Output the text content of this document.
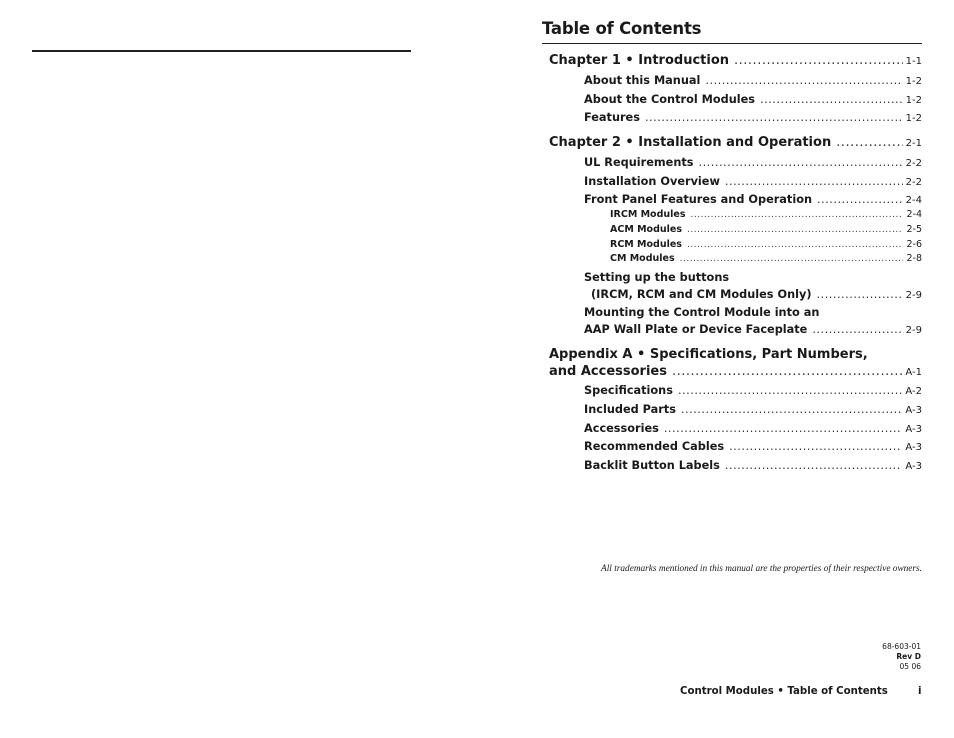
Table of Contents
Chapter 1 • Introduction .....	1-1
About this Manual .....	1-2
About the Control Modules .....	1-2
Features .....	1-2
Chapter 2 • Installation and Operation .....	2-1
UL Requirements .....	2-2
Installation Overview .....	2-2
Front Panel Features and Operation .....	2-4
IRCM Modules .....	2-4
ACM Modules .....	2-5
RCM Modules .....	2-6
CM Modules .....	2-8
Setting up the buttons
(IRCM, RCM and CM Modules Only) .....	2-9
Mounting the Control Module into an
AAP Wall Plate or Device Faceplate .....	2-9
Appendix A • Specifications, Part Numbers,
and Accessories .....	A-1
Specifications .....	A-2
Included Parts .....	A-3
Accessories .....	A-3
Recommended Cables .....	A-3
Backlit Button Labels .....	A-3
All trademarks mentioned in this manual are the properties of their respective owners.
68-603-01
Rev D
05 06
Control Modules • Table of Contents	i
